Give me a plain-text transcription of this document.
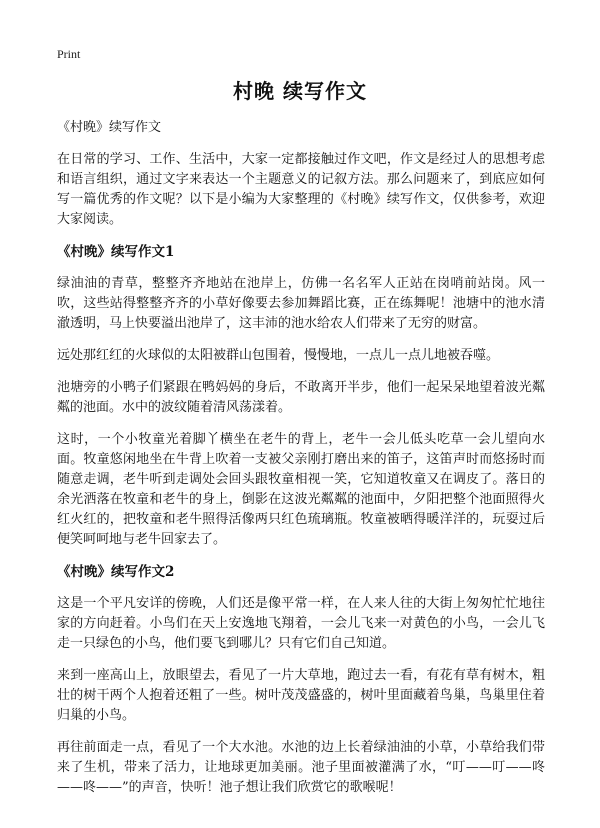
Print
村晚 续写作文

《村晚》续写作文

在日常的学习、工作、生活中，大家一定都接触过作文吧，作文是经过人的思想考虑和语言组织，通过文字来表达一个主题意义的记叙方法。那么问题来了，到底应如何写一篇优秀的作文呢？以下是小编为大家整理的《村晚》续写作文，仅供参考，欢迎大家阅读。

《村晚》续写作文1

绿油油的青草，整整齐齐地站在池岸上，仿佛一名名军人正站在岗哨前站岗。风一吹，这些站得整整齐齐的小草好像要去参加舞蹈比赛，正在练舞呢！池塘中的池水清澈透明，马上快要溢出池岸了，这丰沛的池水给农人们带来了无穷的财富。

远处那红红的火球似的太阳被群山包围着，慢慢地，一点儿一点儿地被吞噬。

池塘旁的小鸭子们紧跟在鸭妈妈的身后，不敢离开半步，他们一起呆呆地望着波光粼粼的池面。水中的波纹随着清风荡漾着。

这时，一个小牧童光着脚丫横坐在老牛的背上，老牛一会儿低头吃草一会儿望向水面。牧童悠闲地坐在牛背上吹着一支被父亲刚打磨出来的笛子，这笛声时而悠扬时而随意走调，老牛听到走调处会回头跟牧童相视一笑，它知道牧童又在调皮了。落日的余光洒落在牧童和老牛的身上，倒影在这波光粼粼的池面中，夕阳把整个池面照得火红火红的，把牧童和老牛照得活像两只红色琉璃瓶。牧童被晒得暖洋洋的，玩耍过后便笑呵呵地与老牛回家去了。

《村晚》续写作文2

这是一个平凡安详的傍晚，人们还是像平常一样，在人来人往的大街上匆匆忙忙地往家的方向赶着。小鸟们在天上安逸地飞翔着，一会儿飞来一对黄色的小鸟，一会儿飞走一只绿色的小鸟，他们要飞到哪儿？只有它们自己知道。

来到一座高山上，放眼望去，看见了一片大草地，跑过去一看，有花有草有树木，粗壮的树干两个人抱着还粗了一些。树叶茂茂盛盛的，树叶里面藏着鸟巢，鸟巢里住着归巢的小鸟。

再往前面走一点，看见了一个大水池。水池的边上长着绿油油的小草，小草给我们带来了生机，带来了活力，让地球更加美丽。池子里面被灌满了水，“叮——叮——咚——咚——”的声音，快听！池子想让我们欣赏它的歌喉呢！
